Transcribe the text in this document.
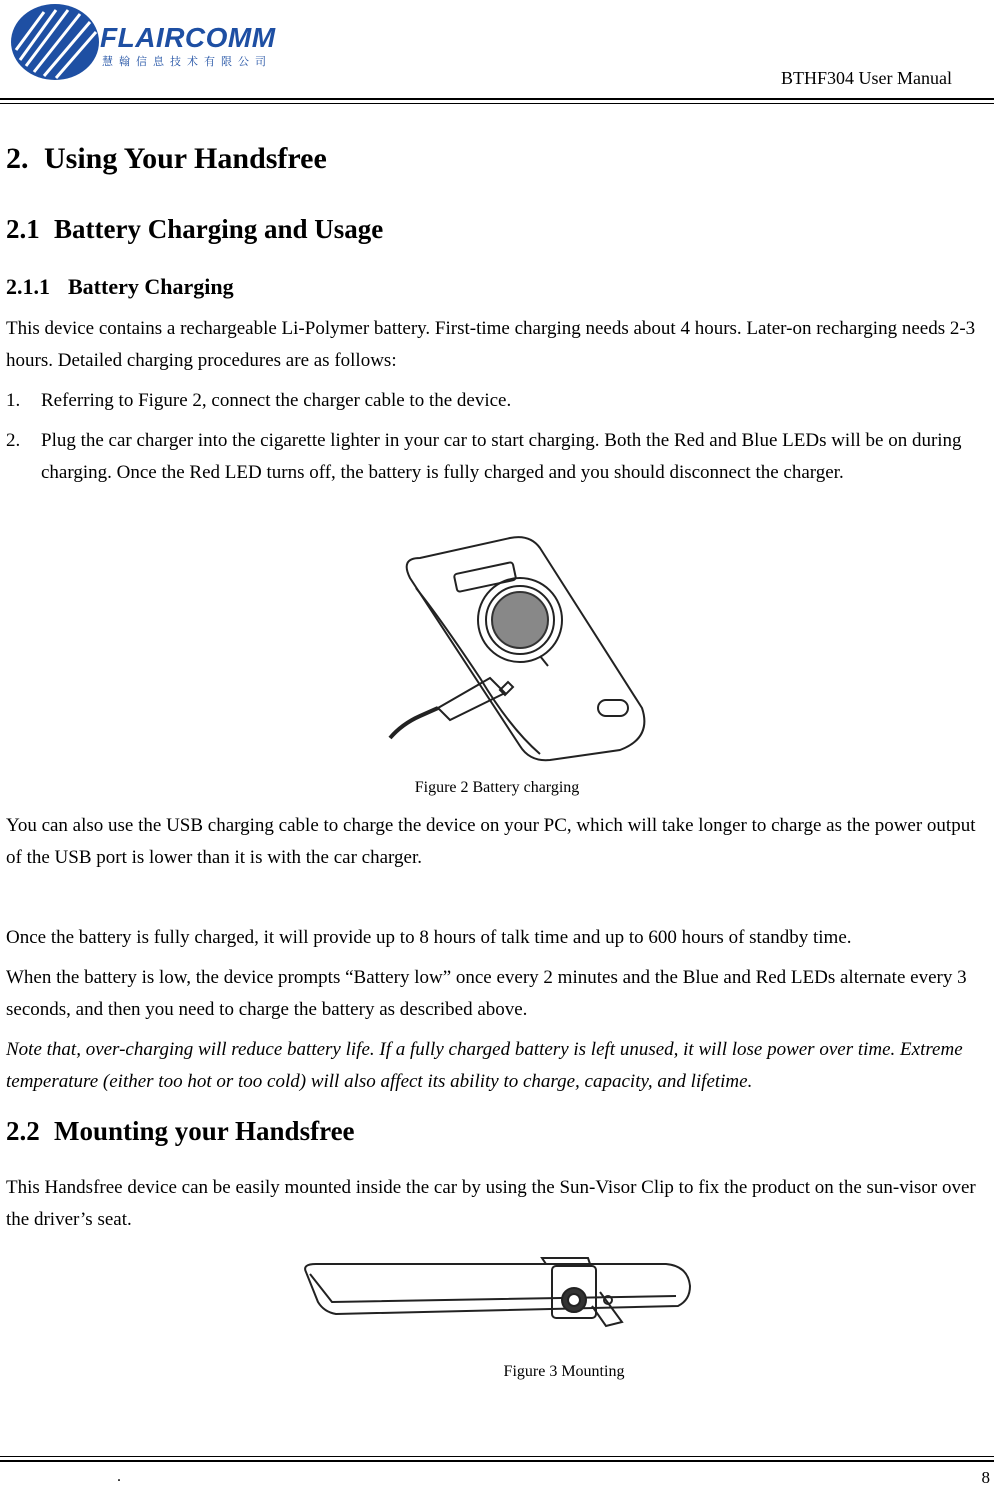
FLAIRCOMM
慧翰信息技术有限公司
BTHF304 User Manual
2. Using Your Handsfree
2.1 Battery Charging and Usage
2.1.1 Battery Charging
This device contains a rechargeable Li-Polymer battery. First-time charging needs about 4 hours. Later-on recharging needs 2-3 hours. Detailed charging procedures are as follows:
1. Referring to Figure 2, connect the charger cable to the device.
2. Plug the car charger into the cigarette lighter in your car to start charging. Both the Red and Blue LEDs will be on during charging. Once the Red LED turns off, the battery is fully charged and you should disconnect the charger.
Figure 2 Battery charging
You can also use the USB charging cable to charge the device on your PC, which will take longer to charge as the power output of the USB port is lower than it is with the car charger.
Once the battery is fully charged, it will provide up to 8 hours of talk time and up to 600 hours of standby time.
When the battery is low, the device prompts “Battery low” once every 2 minutes and the Blue and Red LEDs alternate every 3 seconds, and then you need to charge the battery as described above.
Note that, over-charging will reduce battery life. If a fully charged battery is left unused, it will lose power over time. Extreme temperature (either too hot or too cold) will also affect its ability to charge, capacity, and lifetime.
2.2 Mounting your Handsfree
This Handsfree device can be easily mounted inside the car by using the Sun-Visor Clip to fix the product on the sun-visor over the driver’s seat.
Figure 3 Mounting
.	8
